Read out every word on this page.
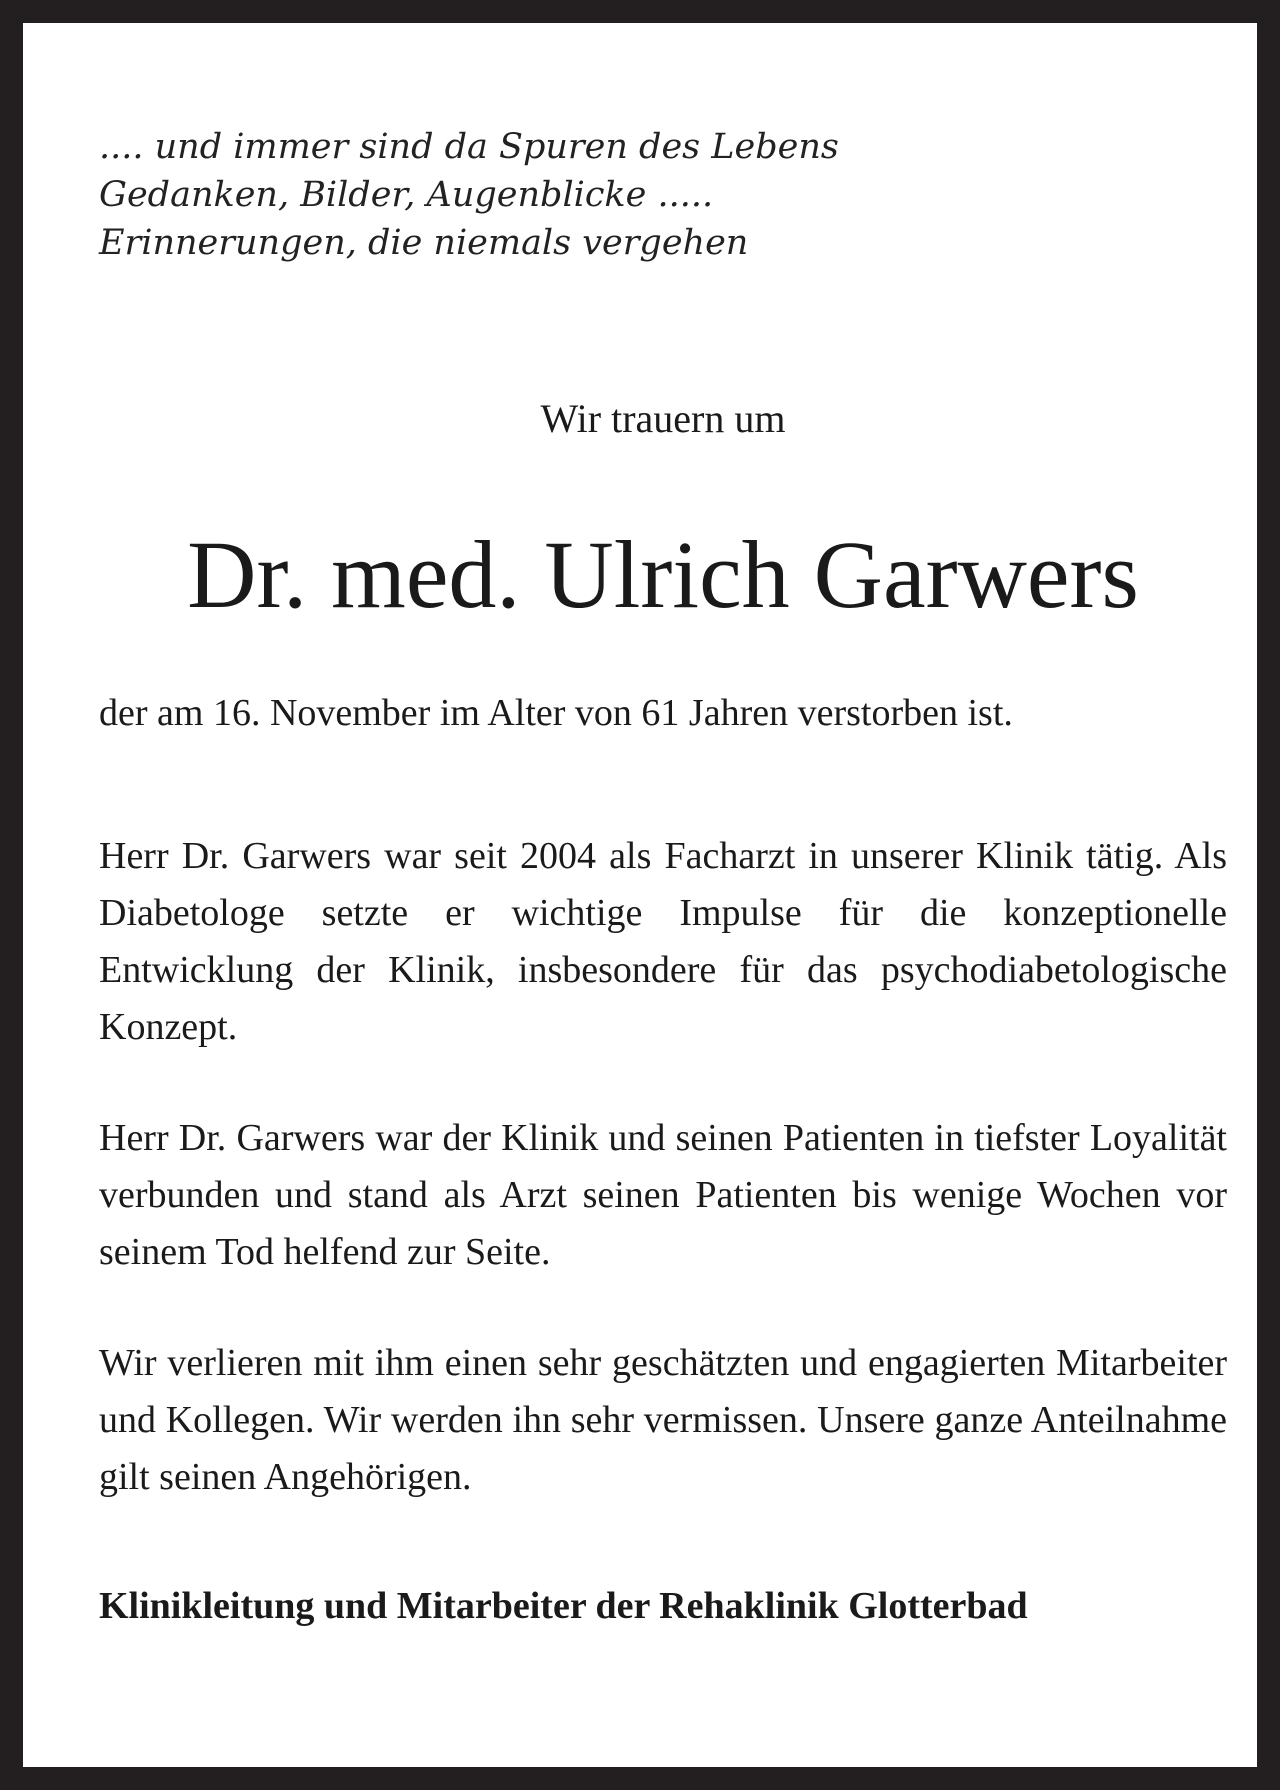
.... und immer sind da Spuren des Lebens
Gedanken, Bilder, Augenblicke .....
Erinnerungen, die niemals vergehen

Wir trauern um
Dr. med. Ulrich Garwers
der am 16. November im Alter von 61 Jahren verstorben ist.

Herr Dr. Garwers war seit 2004 als Facharzt in unserer Klinik tätig. Als Diabetologe setzte er wichtige Impulse für die konzeptionelle Entwicklung der Klinik, insbesondere für das psychodiabetologische Konzept.

Herr Dr. Garwers war der Klinik und seinen Patienten in tiefster Loyalität verbunden und stand als Arzt seinen Patienten bis wenige Wochen vor seinem Tod helfend zur Seite.

Wir verlieren mit ihm einen sehr geschätzten und engagierten Mitarbeiter und Kollegen. Wir werden ihn sehr vermissen. Unsere ganze Anteilnahme gilt seinen Angehörigen.

Klinikleitung und Mitarbeiter der Rehaklinik Glotterbad
